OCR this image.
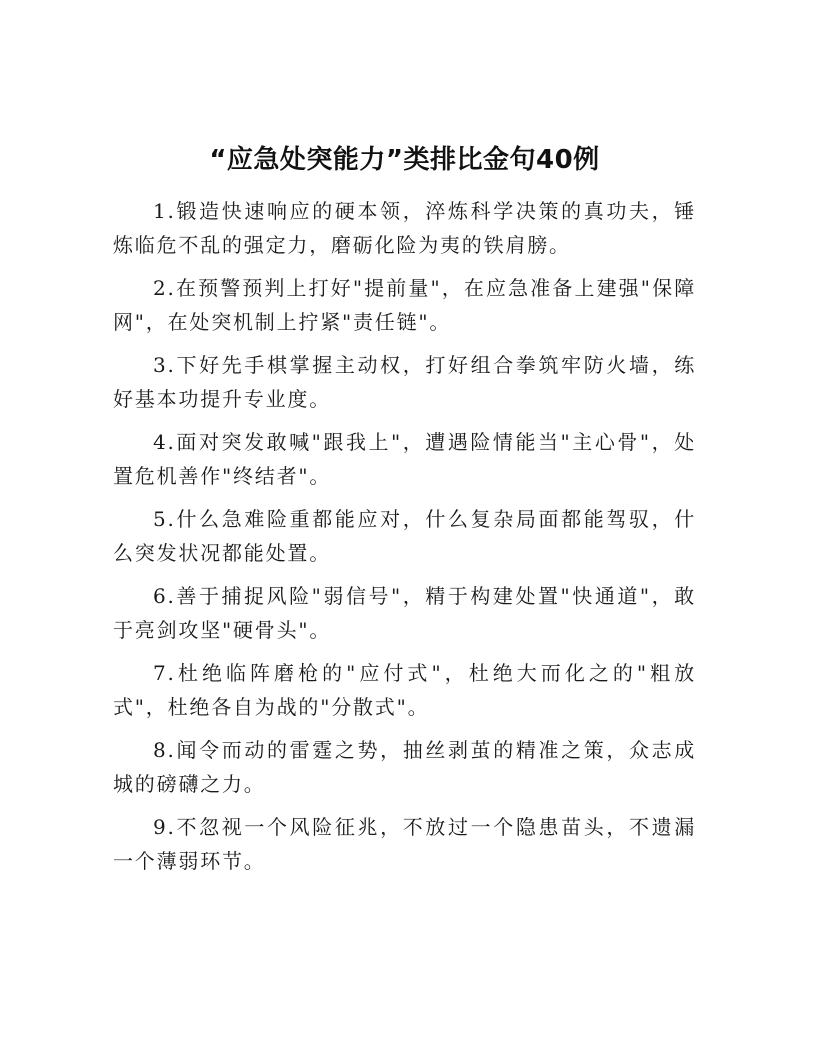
“应急处突能力”类排比金句40例
1.锻造快速响应的硬本领，淬炼科学决策的真功夫，锤炼临危不乱的强定力，磨砺化险为夷的铁肩膀。
2.在预警预判上打好"提前量"，在应急准备上建强"保障网"，在处突机制上拧紧"责任链"。
3.下好先手棋掌握主动权，打好组合拳筑牢防火墙，练好基本功提升专业度。
4.面对突发敢喊"跟我上"，遭遇险情能当"主心骨"，处置危机善作"终结者"。
5.什么急难险重都能应对，什么复杂局面都能驾驭，什么突发状况都能处置。
6.善于捕捉风险"弱信号"，精于构建处置"快通道"，敢于亮剑攻坚"硬骨头"。
7.杜绝临阵磨枪的"应付式"，杜绝大而化之的"粗放式"，杜绝各自为战的"分散式"。
8.闻令而动的雷霆之势，抽丝剥茧的精准之策，众志成城的磅礴之力。
9.不忽视一个风险征兆，不放过一个隐患苗头，不遗漏一个薄弱环节。
